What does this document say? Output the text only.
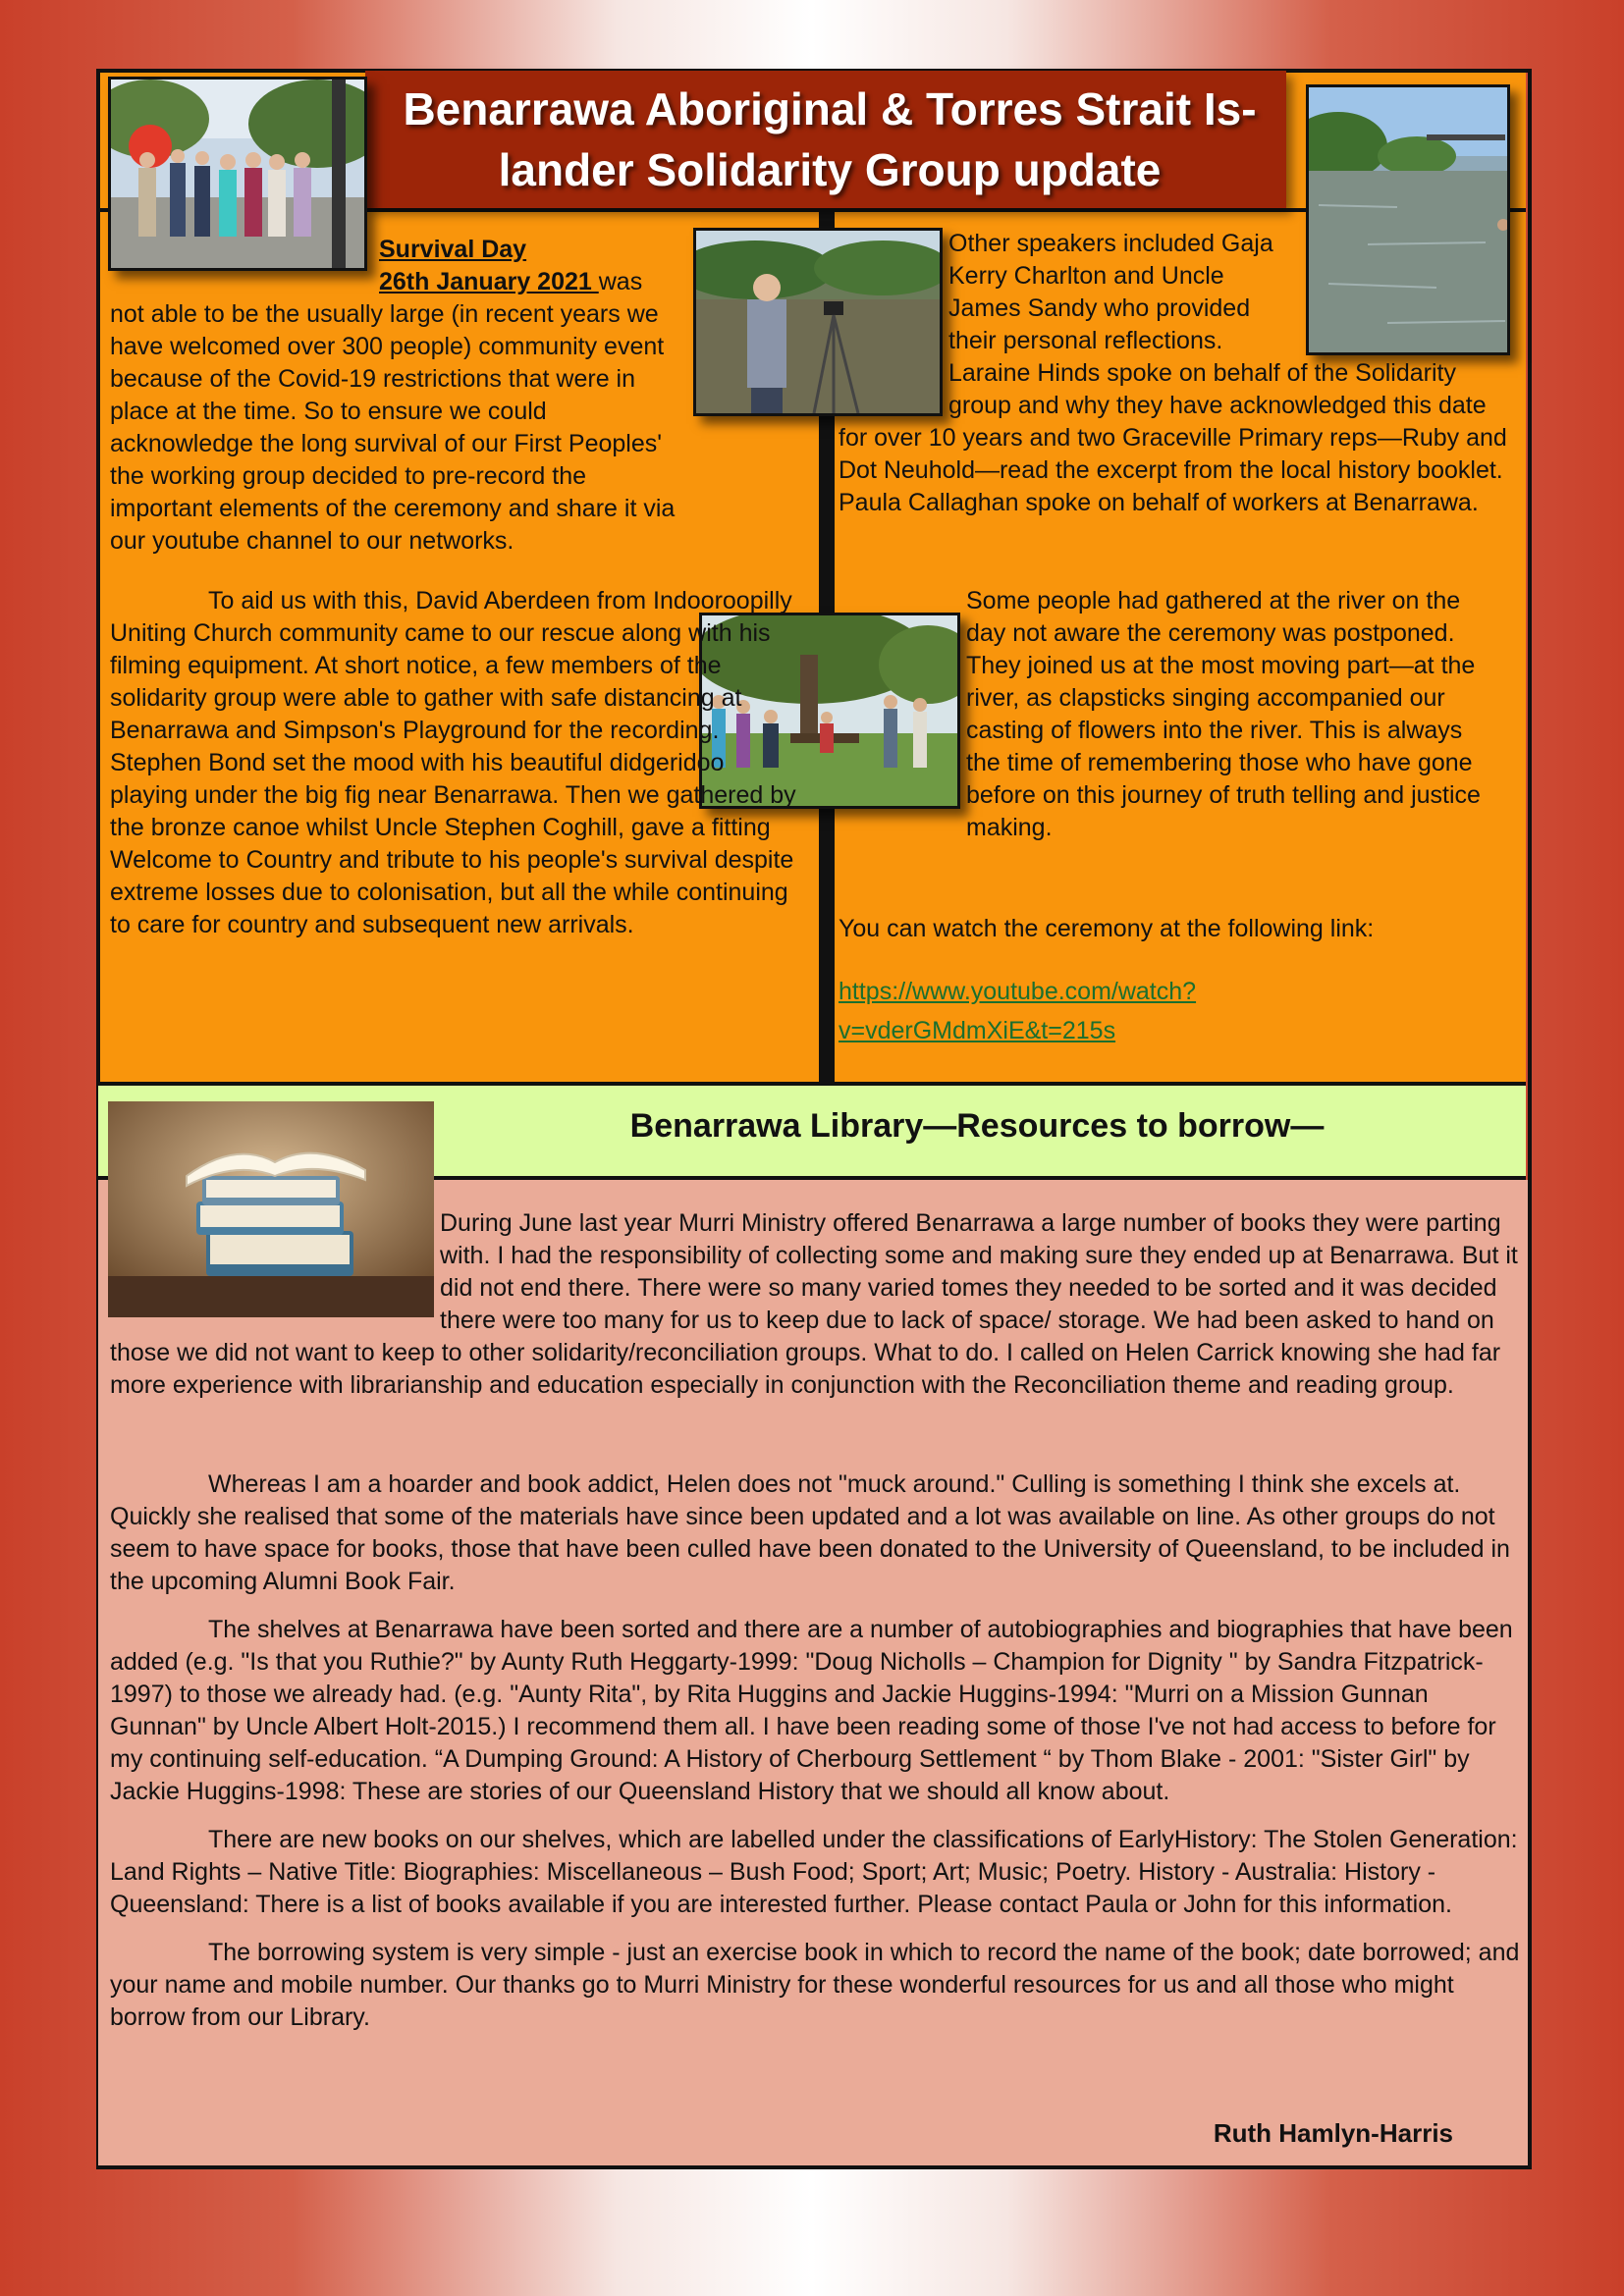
Benarrawa Aboriginal & Torres Strait Is-
lander Solidarity Group update
Survival Day
26th January 2021 was
not able to be the usually large (in recent years we have welcomed over 300 people) community event because of the Covid-19 restrictions that were in place at the time. So to ensure we could acknowledge the long survival of our First Peoples' the working group decided to pre-record the important elements of the ceremony and share it via our youtube channel to our networks.

To aid us with this, David Aberdeen from Indooroopilly Uniting Church community came to our rescue along with his filming equipment. At short notice, a few members of the solidarity group were able to gather with safe distancing at Benarrawa and Simpson's Playground for the recording. Stephen Bond set the mood with his beautiful didgeridoo playing under the big fig near Benarrawa. Then we gathered by the bronze canoe whilst Uncle Stephen Coghill, gave a fitting Welcome to Country and tribute to his people's survival despite extreme losses due to colonisation, but all the while continuing to care for country and subsequent new arrivals.

Other speakers included Gaja Kerry Charlton and Uncle James Sandy who provided their personal reflections. Laraine Hinds spoke on behalf of the Solidarity group and why they have acknowledged this date for over 10 years and two Graceville Primary reps—Ruby and Dot Neuhold—read the excerpt from the local history booklet. Paula Callaghan spoke on behalf of workers at Benarrawa.
Some people had gathered at the river on the day not aware the ceremony was postponed. They joined us at the most moving part—at the river, as clapsticks singing accompanied our casting of flowers into the river. This is always the time of remembering those who have gone before on this journey of truth telling and justice making.
You can watch the ceremony at the following link:
https://www.youtube.com/watch?
v=vderGMdmXiE&t=215s
Benarrawa Library—Resources to borrow—
During June last year Murri Ministry offered Benarrawa a large number of books they were parting with. I had the responsibility of collecting some and making sure they ended up at Benarrawa. But it did not end there. There were so many varied tomes they needed to be sorted and it was decided there were too many for us to keep due to lack of space/ storage. We had been asked to hand on those we did not want to keep to other solidarity/reconciliation groups. What to do. I called on Helen Carrick knowing she had far more experience with librarianship and education especially in conjunction with the Reconciliation theme and reading group.

Whereas I am a hoarder and book addict, Helen does not "muck around." Culling is something I think she excels at. Quickly she realised that some of the materials have since been updated and a lot was available on line. As other groups do not seem to have space for books, those that have been culled have been donated to the University of Queensland, to be included in the upcoming Alumni Book Fair.

The shelves at Benarrawa have been sorted and there are a number of autobiographies and biographies that have been added (e.g. "Is that you Ruthie?" by Aunty Ruth Heggarty-1999: "Doug Nicholls – Champion for Dignity " by Sandra Fitzpatrick-1997) to those we already had. (e.g. "Aunty Rita", by Rita Huggins and Jackie Huggins-1994: "Murri on a Mission Gunnan Gunnan" by Uncle Albert Holt-2015.) I recommend them all. I have been reading some of those I've not had access to before for my continuing self-education. “A Dumping Ground: A History of Cherbourg Settlement “ by Thom Blake - 2001: "Sister Girl" by Jackie Huggins-1998: These are stories of our Queensland History that we should all know about.

There are new books on our shelves, which are labelled under the classifications of EarlyHistory: The Stolen Generation: Land Rights – Native Title: Biographies: Miscellaneous – Bush Food; Sport; Art; Music; Poetry. History - Australia: History - Queensland: There is a list of books available if you are interested further. Please contact Paula or John for this information.

The borrowing system is very simple - just an exercise book in which to record the name of the book; date borrowed; and your name and mobile number. Our thanks go to Murri Ministry for these wonderful resources for us and all those who might borrow from our Library.

Ruth Hamlyn-Harris
